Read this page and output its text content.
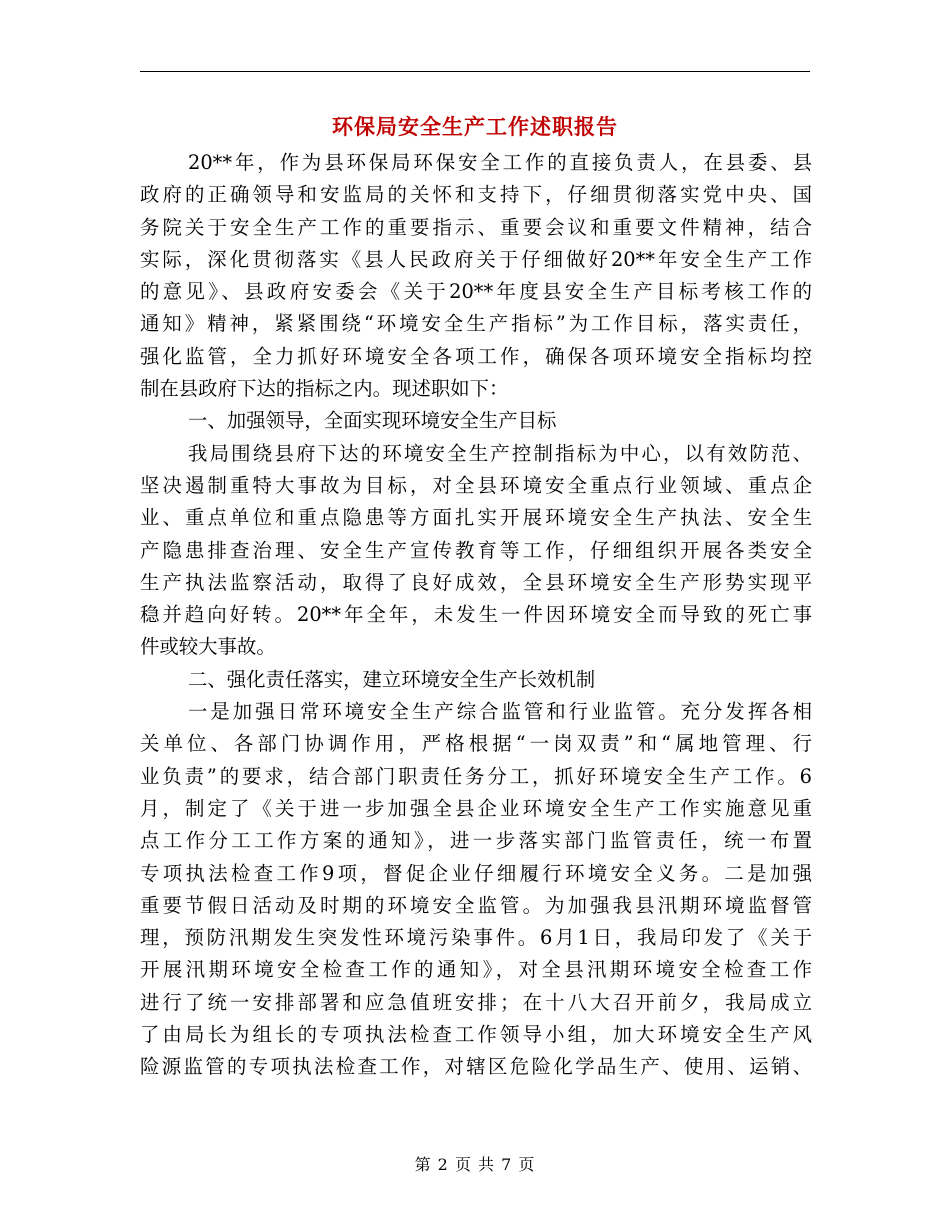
环保局安全生产工作述职报告
20**年，作为县环保局环保安全工作的直接负责人，在县委、县
政府的正确领导和安监局的关怀和支持下，仔细贯彻落实党中央、国
务院关于安全生产工作的重要指示、重要会议和重要文件精神，结合
实际，深化贯彻落实《县人民政府关于仔细做好20**年安全生产工作
的意见》、县政府安委会《关于20**年度县安全生产目标考核工作的
通知》精神，紧紧围绕“环境安全生产指标”为工作目标，落实责任，
强化监管，全力抓好环境安全各项工作，确保各项环境安全指标均控
制在县政府下达的指标之内。现述职如下：
一、加强领导，全面实现环境安全生产目标
我局围绕县府下达的环境安全生产控制指标为中心，以有效防范、
坚决遏制重特大事故为目标，对全县环境安全重点行业领域、重点企
业、重点单位和重点隐患等方面扎实开展环境安全生产执法、安全生
产隐患排查治理、安全生产宣传教育等工作，仔细组织开展各类安全
生产执法监察活动，取得了良好成效，全县环境安全生产形势实现平
稳并趋向好转。20**年全年，未发生一件因环境安全而导致的死亡事
件或较大事故。
二、强化责任落实，建立环境安全生产长效机制
一是加强日常环境安全生产综合监管和行业监管。充分发挥各相
关单位、各部门协调作用，严格根据“一岗双责”和“属地管理、行
业负责”的要求，结合部门职责任务分工，抓好环境安全生产工作。6
月，制定了《关于进一步加强全县企业环境安全生产工作实施意见重
点工作分工工作方案的通知》，进一步落实部门监管责任，统一布置
专项执法检查工作9项，督促企业仔细履行环境安全义务。二是加强
重要节假日活动及时期的环境安全监管。为加强我县汛期环境监督管
理，预防汛期发生突发性环境污染事件。6月1日，我局印发了《关于
开展汛期环境安全检查工作的通知》，对全县汛期环境安全检查工作
进行了统一安排部署和应急值班安排；在十八大召开前夕，我局成立
了由局长为组长的专项执法检查工作领导小组，加大环境安全生产风
险源监管的专项执法检查工作，对辖区危险化学品生产、使用、运销、
第 2 页 共 7 页
